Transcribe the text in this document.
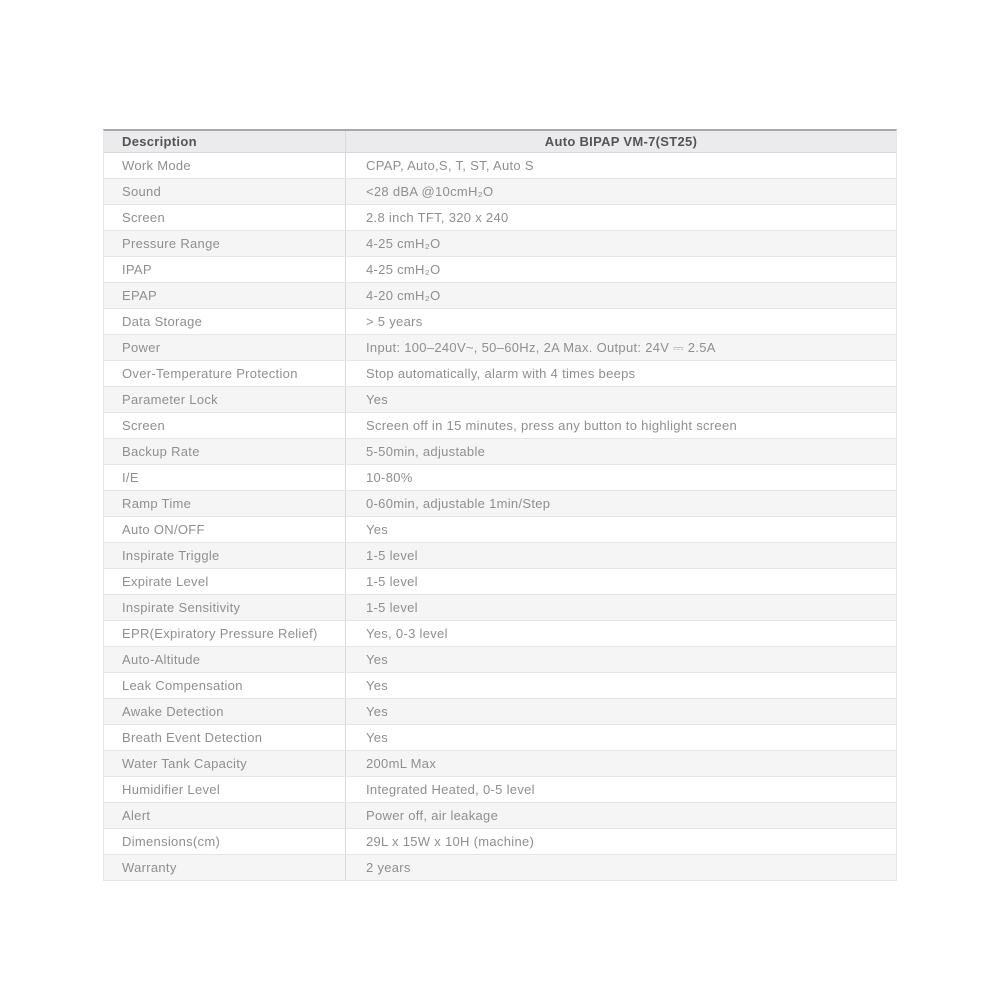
Description	Auto BIPAP VM-7(ST25)
Work Mode	CPAP, Auto,S, T, ST, Auto S
Sound	<28 dBA @10cmH₂O
Screen	2.8 inch TFT, 320 x 240
Pressure Range	4-25 cmH₂O
IPAP	4-25 cmH₂O
EPAP	4-20 cmH₂O
Data Storage	> 5 years
Power	Input: 100–240V~, 50–60Hz, 2A Max. Output: 24V ⎓ 2.5A
Over-Temperature Protection	Stop automatically, alarm with 4 times beeps
Parameter Lock	Yes
Screen	Screen off in 15 minutes, press any button to highlight screen
Backup Rate	5-50min, adjustable
I/E	10-80%
Ramp Time	0-60min, adjustable 1min/Step
Auto ON/OFF	Yes
Inspirate Triggle	1-5 level
Expirate Level	1-5 level
Inspirate Sensitivity	1-5 level
EPR(Expiratory Pressure Relief)	Yes, 0-3 level
Auto-Altitude	Yes
Leak Compensation	Yes
Awake Detection	Yes
Breath Event Detection	Yes
Water Tank Capacity	200mL Max
Humidifier Level	Integrated Heated, 0-5 level
Alert	Power off, air leakage
Dimensions(cm)	29L x 15W x 10H (machine)
Warranty	2 years
